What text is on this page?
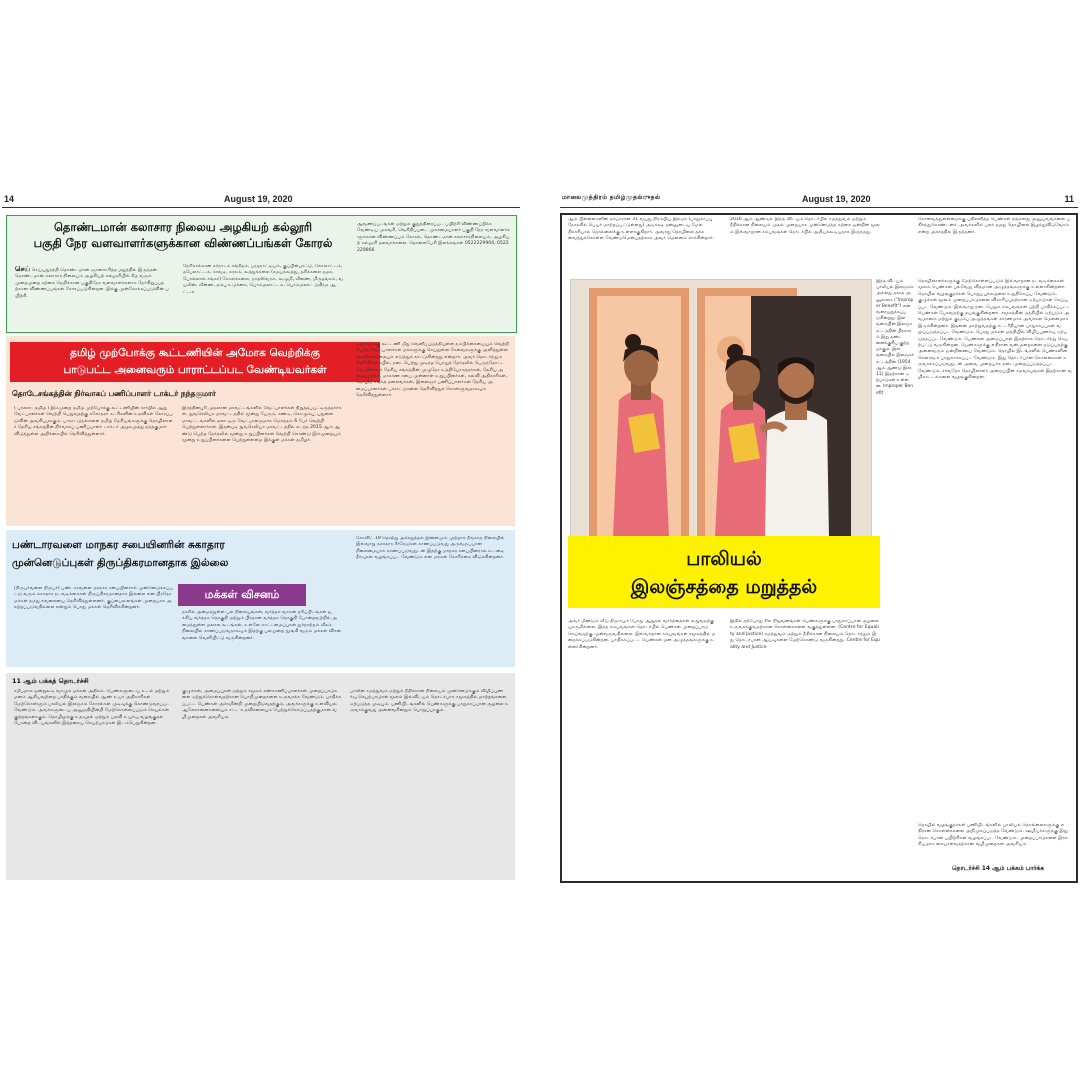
14	August 19, 2020
தொண்டமான் கலாசார நிலைய அழகியற் கல்லூரி
பகுதி நேர வளவாளர்களுக்கான விண்ணப்பங்கள் கோரல்
செய் செய்யதுரத்தி தொண்டமான் ஞானசாரித்த மறுத்தில் இருந்தன் தொண்டமான் கலாசார நிலையம் அழகியற் கல்லூரியில் கீழ் வரும் முறைமுறை கற்கை நெறிக்கான பகுதிநேர வளவாளர்களாக நேர்கிறுப்பதற்கான விண்ணப்பங்கள் கோரப்படுகின்றன. இக்கு முன்கோக்கப்படுவின் பயிற்சி.
நேரிகால்கான கர்நாடக சங்கீதம், பரதநாட்டியம், குப்பிள்பாட்டு, கோலாட்டம், தபேலாட்டம், காவடி, கரகம், கூத்துக்கலை (சமயக்கூத்து, தசிக்கலை தமக, போல்லால் சங்கர்) கோலக்கலை, நாதஸ்வரம், கூழுமி, வீணை, மிருதங்கம், வயலின், வீணை, தம்பு உடுக்கை, பொம்மலாட்டம், பொம்மலாட் டுதிரம ஆட்டம்.
ஆவணப்படங்கள் மற்றும் குறுந்திரைப்பட பயிற்சி விண்ணப்பிக்க வேண்டிய முகவரி, வெரிதிப்படை முகாமையாளர் பகுதி நேர வளவாளர்களுக்கான விண்ணப்பம் கோரல், தொண்டமான் கலாசாரநிலையம், அழகியற் கல்லூரி தலவாக்கலை. தொலைபேசி இலக்கங்கள் 0522229904, 0522229866
தமிழ் முற்போக்கு கூட்டணியின் அமோக வெற்றிக்கு
பாடுபட்ட அனைவரும் பாராட்டப்பட வேண்டியவர்கள்
தொடேசங்கத்தின் நிர்வாகப் பணிப்பாளர் டாக்டர் நந்தகுமார்
( பாலசா. தமிழ் ) இம்முறை தமிழ் முற்போக்கு கூட்டணியின் சார்பில் ஆறு வேட்பாளர்கள் வெற்றி பெறுவதற்கு சகோதரர் கட்சிகளின் உதவிகள் கோரப்படுவின் அவசியமாகும். பாராட்டுதல்களை தமிழ் தேசியங்களுக்கு தொழிலாளர் தேசிய சங்கத்தின் நிர்வாகப் பணிப்பாளர் டாக்டர் அழகமுத்து நந்தகுமார் விடுத்துள்ள அறிக்கையில் தெரிவித்துள்ளார்.
இரத்தினபுரி முதலான மாவட்டங்களில் வேட்பாளர்கள் நிறுத்தப்பட்டிருந்தார்கள். நுவரெலியா மாவட்டத்தில் மூன்று பேரும், கண்டி, கொழும்பு, பதுளை மாவட்டங்களில் தலா ஒரு வேட்பாளருமாக மொத்தம் 6 பேர் வெற்றி பெற்றுள்ளார்கள். இதன்படி நுவரெலியா மாவட்டத்தில் கடந்த 2015 ஆம் ஆண்டு பெற்ற தேர்தலில் மூன்று உறுப்பினர்கள் வெற்றி கொண்டு இம்முறையும் மூன்று உறுப்பினர்களை பெற்றுள்ளமை இக்குள் மக்கள் தமிழர்.
முற்போக்கு கூட்டணி மீது வெளிப்படுத்தியுள்ள நம்பிக்கையையும் வெற்றி பெற்ற வேட்பாளர்கள் மக்களுக்கு செய்துள்ள சேவைகளுக்கு அளித்துள்ள அங்கீகாரத்தையும் எடுத்துக் காட்டுகின்றது என்றார். அவர் தொடர்ந்தும் தெரிவிக்கையில், நடைபெற்று முடிந்த பொதுத் தேர்தலில் பெருந்தோட்ட தொழிலாளர் தேசிய சங்கத்தின் முழுநேர உத்தியோகத்தர்கள், தேசிய அமைப்பாளர், மாகாண சபை முன்னாள் உறுப்பினர்கள், கல்வி அதிகாரிகள், தொழிற் சங்கத் தலைவர்கள், இளைஞர் பணிப்பாளர்கள் தேசிய அமைப்பாளர்கள் பாராட்டுகளை தெரிவித்துக் கொள்ளுவதாகவும் தெரிவித்துள்ளார்.
பண்டாரவளை மாநகர சபையினரின் சுகாதார
முன்னெடுப்புகள் திருப்திகரமானதாக இல்லை
மக்கள் விசனம்
(நிருபர்வளை நிருபர்) பண்டாரவளை மாநகர சபையினரால் முன்னெடுக்கப்பட்டு வரும் சுகாதார நடவடிக்கைகள் திருப்திகரமானதாக இல்லை என பிரதேச மக்கள் தமது கவலையை தெரிவித்துள்ளனர். குப்பைகூளங்கள் முறையாக அகற்றப்படுவதில்லை என்றும் பொது மக்கள் தெரிவிக்கின்றனர்.
நகரில் அமைந்துள்ள பல நிலையங்கள், வர்த்தக வாகன தரிப்பிடங்கள் ஐக்கிய வர்த்தக தொகுதி மற்றும் பிரதான வர்த்தக தொகுதி போன்றவற்றில் அமைந்துள்ள மலசல கூடங்கள், உள்ளே காட்டமைப்புகள் துர்நாற்றம் வீசும் நிலையில் காணப்படுவதாகவும் இதற்கு பலமுறை தூங்கி வரும் மக்கள் விசனங்களை வெளியிட்டு வருகின்றனர்.
கோவிட் 19 தொற்று அச்சுறுத்தல் இன்னமும் முற்றாக நீங்காத நிலையில் இவ்வாறு சுகாதார சீர்கேடுகள் காணப்படுவது அருவருப்பான நிலைமையாக காணப்படுவதுடன் இதற்கு மாநகர சபையினரால் உடனடி தீர்வுகள் வழங்கப்பட வேண்டும் என மக்கள் கோரிக்கை விடுக்கின்றனர்.
11 ஆம் பக்கத் தொடர்ச்சி
சமீபமாக ஒன்றுகூடி வாழும் மக்கள் அதிகம். பெண்களுடைய உடல் மற்றும் மனம் ஆகியவற்றை பாதிக்கும் வகையில் ஆண் உயர் அதிகாரிகள் மேற்கொள்ளும் பாலியல் இலஞ்சம் கோரல்கள் முடிவுக்கு கொண்டுவரப்பட வேண்டும். அவர்களுடைய அனுமதியின்றி மேற்கொள்ளப்படும் செயல்கள் குற்றங்களாகும். தொழிலுக்கு உதவுதல் மற்றும் பதவி உயர்வு வழங்குதல் போன்ற விடயங்களில் இத்தகைய செயற்பாடுகள் இடம்பெறுகின்றன.
குழுக்கள், அமைப்புகள் மற்றும் சமூகக் கண்காணிப்பாளர்கள் முறைப்பாடுகளை ஏற்றுக்கொள்வதற்கான பொறிமுறைகளை உருவாக்க வேண்டும். பாதிக்கப்பட்ட பெண்கள் அச்சமின்றி முறையிடுவதற்கும், அவர்களுக்கு உளவியல் ஆலோசனைகளையும் சட்ட உதவிகளையும் பெற்றுக்கொடுப்பதற்குமான வழிமுறைகள் அவசியம்.
பாலின சமத்துவம் மற்றும் நீதிக்கான நிலையம் முன்னெடுக்கும் விழிப்புணர்வு செயற்பாடுகள் மூலம் இவ்விடயம் தொடர்பாக சமூகத்தில் மாற்றங்களை ஏற்படுத்த முடியும். பணியிடங்களில் பெண்களுக்கு பாதுகாப்பான சூழலை உருவாக்குவது அனைவரினதும் பொறுப்பாகும்.
மாலைமுத்திரம் தமிழ்முதல்ுதல்	August 19, 2020	11
ஆம் பிள்ளைகளின் தாயாரான 31 வயது நிரம்பிய இல்மா (பாதுகாப்பு நோக்கில் பெயர் மாற்றப்பட்டுள்ளது) அடிக்கடி தன்னுடைய மேலதிகாரியால் தொல்லைக்கு உள்ளாகுகிறார். அவரது தொழிலை தக்கவைத்துக்கொள்ள வேண்டுமென்பதற்காக அவர் மௌனம் காக்கின்றார்.
2016 ஆம் ஆண்டில் இந்த விடயம் தொடர்பில் சமத்துவம் மற்றும் நீதிக்கான நிலையம் முதல் முறையாக முன்னெடுத்த கற்கை ஒன்றின் மூலம் இவ்வாறான சம்பவங்கள் தொடர்பில் அறியக்கூடியதாக இருந்தது.
கோவைத்துள்ளமைக்கு பதிலளித்த பெண்கள் தங்களது அனுபவங்களை பகிர்ந்துகொண்டனர். அவர்களில் பலர் தமது தொழிலை இழந்துவிடுவோம் என்ற அச்சத்தில் இருந்தனர்.
இந்த விடயம் பாலியல் இலஞ்சம் அல்லது தகாத அனுகூலம் ("Improper Benefit") என வரையறுக்கப்படுகின்றது. இலங்கையின் இலஞ்ச சட்டத்தின் பிரகாரம் இது தண்டனைக்குரிய குற்றமாகும். இலங்கையில் இலஞ்சச் சட்டத்தின் (1954 ஆம் ஆண்டு இல. 11) இதற்கான ஏற்பாடுகள் உள்ளன. Improper Benefit
தொழிலாளர்களுக்கு மேற்கொள்ளப்படும் இவ்வாறான நடவடிக்கைகள் மூலம் பெண்கள் பல்வேறு விதமான அழுத்தங்களுக்கு உள்ளாகின்றனர். தொழில் வழங்குநர்கள் பொறுப்புக்கூறலை உறுதிசெய்ய வேண்டும். குழுக்கள் மூலம் முறைப்பாடுகளை விசாரிப்பதற்கான ஏற்பாடுகள் செய்யப்பட வேண்டும். இவ்வாறு நடைபெறும் சம்பவங்கள் பற்றி பாதிக்கப்பட்ட பெண்கள் பேசுவதற்கு தயங்குகின்றனர். சமூகத்தின் மத்தியில் ஏற்படும் அவமானம் மற்றும் குடும்ப அழுத்தங்கள் காரணமாக அவர்கள் மௌனமாக இருக்கின்றனர். இதனை மாற்றுவதற்கு சட்டரீதியான பாதுகாப்புகள் வலுப்படுத்தப்பட வேண்டும். பொது மக்கள் மத்தியில் விழிப்புணர்வு ஏற்படுத்தப்பட வேண்டும். பெண்கள் அமைப்புகள் இதற்காக தொடர்ந்து செயற்பட்டு வருகின்றன. பெண்களுக்கு எதிரான வன்முறைகளை தடுப்பதற்கு அனைவரும் ஒன்றிணைய வேண்டும். தொழில் இடங்களில் பெண்களின் கௌரவம் பாதுகாக்கப்பட வேண்டும். இது தொடர்பான கொள்கைகள் உருவாக்கப்படுவதுடன் அவை முறையாக நடைமுறைப்படுத்தப்பட வேண்டும். சர்வதேச தொழிலாளர் அமைப்பின் சமவாயங்கள் இதற்கான வழிகாட்டல்களை வழங்குகின்றன.
பாலியல்
இலஞ்சத்தை மறுத்தல்
அவர் மீண்டும் வீடு திரும்பும் போது ஆறுதல் வார்த்தைகள் கூறுவதற்கு யாருமில்லை. இந்த சம்பவங்கள் தொடர்பில் பெண்கள் முறைப்பாடு செய்வதற்கு முன்வருவதில்லை. இவ்வாறான சம்பவங்கள் சமூகத்தில் மறைக்கப்படுகின்றன. பாதிக்கப்பட்ட பெண்கள் மன அழுத்தங்களுக்கு உள்ளாகின்றனர்.
இதில் தற்போது சில நிறுவனங்கள் பெண்களுக்கு பாதுகாப்பான சூழலை உருவாக்குவதற்கான கொள்கைகளை வகுத்துள்ளன. (Centre for Equality and Justice) சமத்துவம் மற்றும் நீதிக்கான நிலையம் தொடர்ந்தும் இது தொடர்பான ஆய்வுகளை மேற்கொண்டு வருகின்றது. Centre for Equality and Justice
தொழில் வழங்குநர்கள் பணியிடங்களில் பாலியல் தொல்லைகளுக்கு எதிரான கொள்கைகளை அறிமுகப்படுத்த வேண்டும். ஊழியர்களுக்கு இது தொடர்பான பயிற்சிகள் வழங்கப்பட வேண்டும். முறைப்பாடுகளை இரகசியமாக கையாள்வதற்கான வழிமுறைகள் அவசியம்.
தொடர்ச்சி 14 ஆம் பக்கம் பார்க்க
